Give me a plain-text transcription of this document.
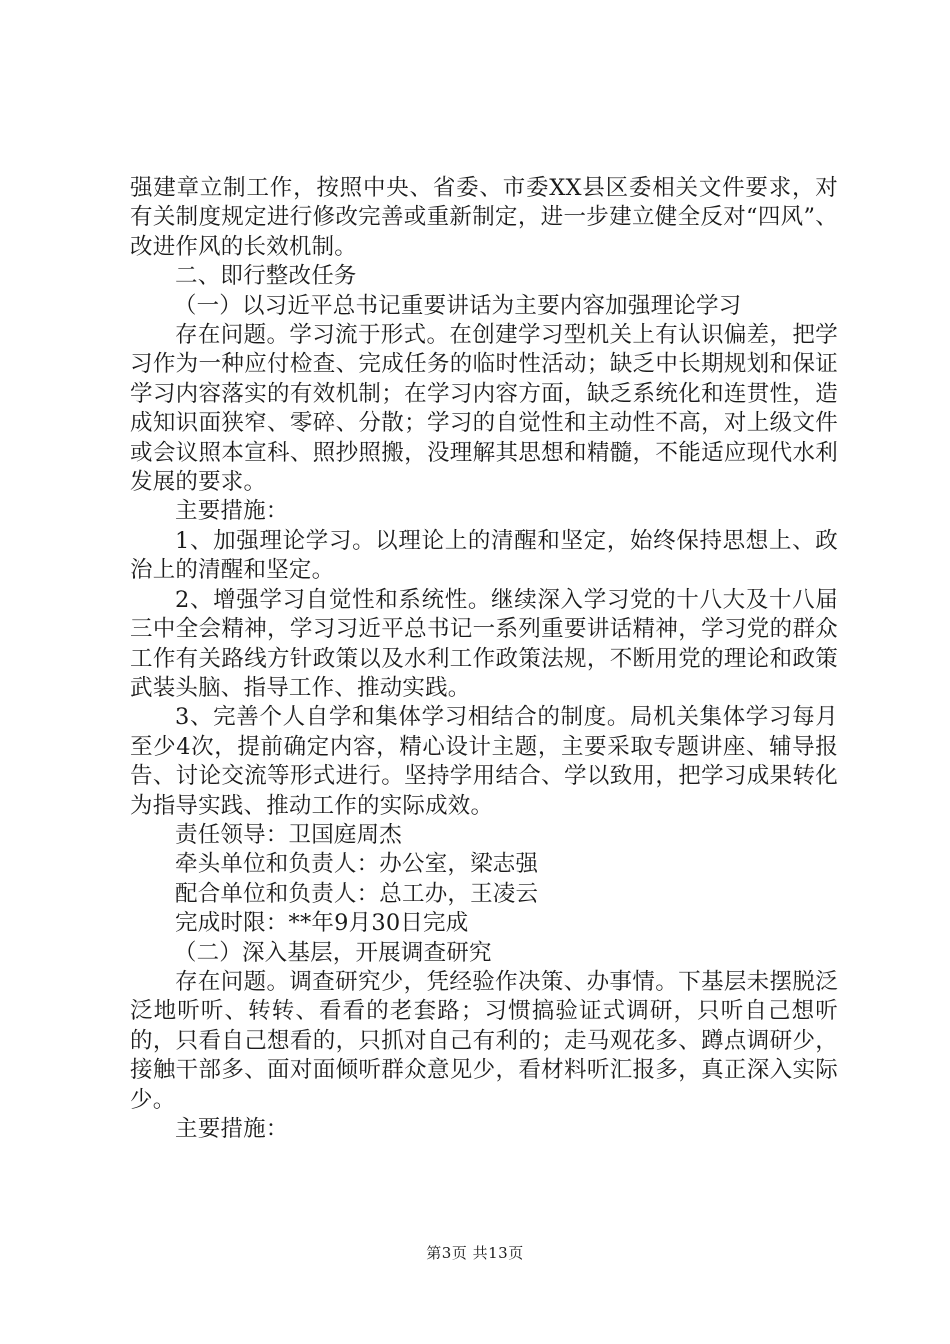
强建章立制工作，按照中央、省委、市委XX县区委相关文件要求，对有关制度规定进行修改完善或重新制定，进一步建立健全反对“四风”、改进作风的长效机制。

二、即行整改任务

（一）以习近平总书记重要讲话为主要内容加强理论学习

存在问题。学习流于形式。在创建学习型机关上有认识偏差，把学习作为一种应付检查、完成任务的临时性活动；缺乏中长期规划和保证学习内容落实的有效机制；在学习内容方面，缺乏系统化和连贯性，造成知识面狭窄、零碎、分散；学习的自觉性和主动性不高，对上级文件或会议照本宣科、照抄照搬，没理解其思想和精髓，不能适应现代水利发展的要求。

主要措施：

1、加强理论学习。以理论上的清醒和坚定，始终保持思想上、政治上的清醒和坚定。

2、增强学习自觉性和系统性。继续深入学习党的十八大及十八届三中全会精神，学习习近平总书记一系列重要讲话精神，学习党的群众工作有关路线方针政策以及水利工作政策法规，不断用党的理论和政策武装头脑、指导工作、推动实践。

3、完善个人自学和集体学习相结合的制度。局机关集体学习每月至少4次，提前确定内容，精心设计主题，主要采取专题讲座、辅导报告、讨论交流等形式进行。坚持学用结合、学以致用，把学习成果转化为指导实践、推动工作的实际成效。

责任领导：卫国庭周杰

牵头单位和负责人：办公室，梁志强

配合单位和负责人：总工办，王凌云

完成时限：**年9月30日完成

（二）深入基层，开展调查研究

存在问题。调查研究少，凭经验作决策、办事情。下基层未摆脱泛泛地听听、转转、看看的老套路；习惯搞验证式调研，只听自己想听的，只看自己想看的，只抓对自己有利的；走马观花多、蹲点调研少，接触干部多、面对面倾听群众意见少，看材料听汇报多，真正深入实际少。

主要措施：

第3页 共13页
